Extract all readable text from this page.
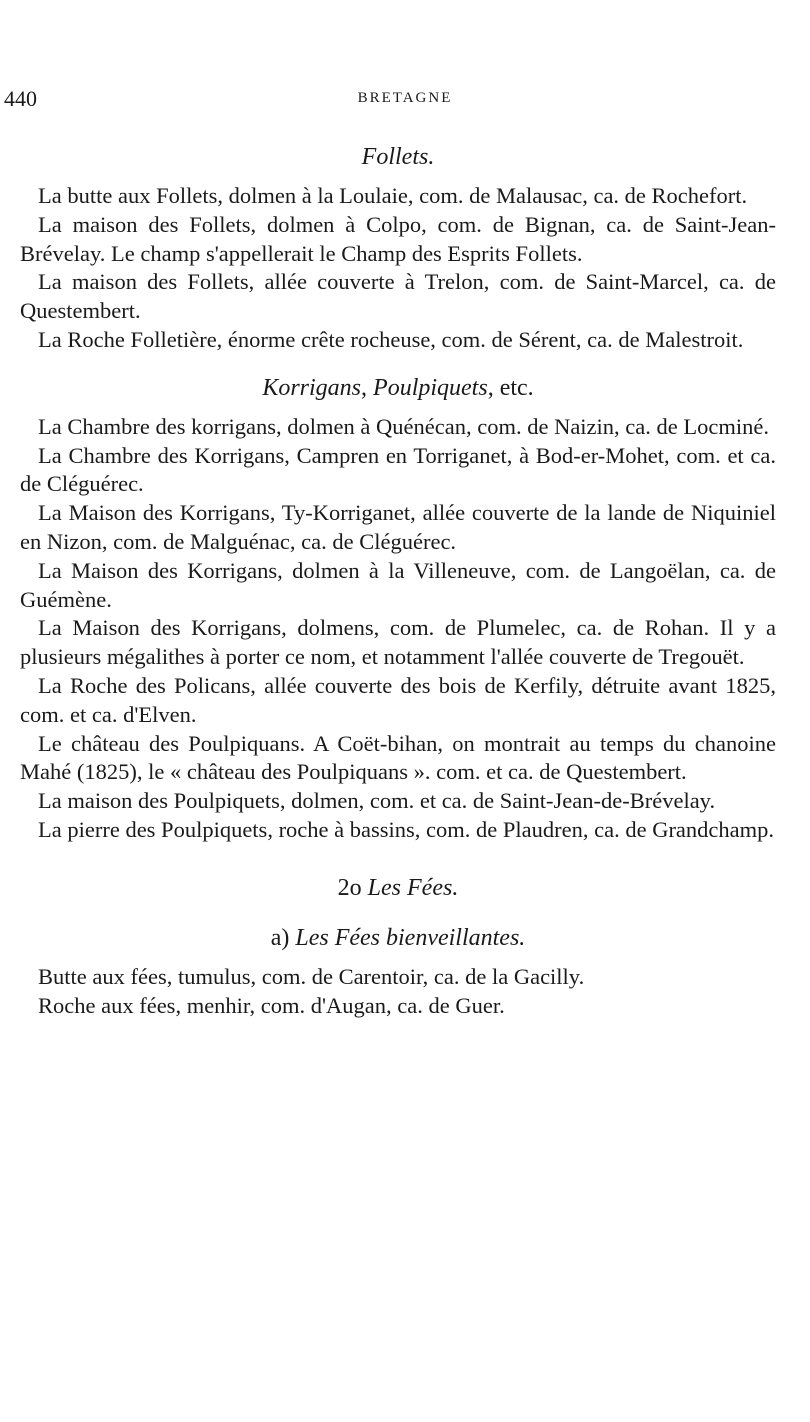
440	BRETAGNE
Follets.
La butte aux Follets, dolmen à la Loulaie, com. de Malausac, ca. de Rochefort.
La maison des Follets, dolmen à Colpo, com. de Bignan, ca. de Saint-Jean-Brévelay. Le champ s'appellerait le Champ des Esprits Follets.
La maison des Follets, allée couverte à Trelon, com. de Saint-Marcel, ca. de Questembert.
La Roche Folletière, énorme crête rocheuse, com. de Sérent, ca. de Malestroit.
Korrigans, Poulpiquets, etc.
La Chambre des korrigans, dolmen à Quénécan, com. de Naizin, ca. de Locminé.
La Chambre des Korrigans, Campren en Torriganet, à Bod-er-Mohet, com. et ca. de Cléguérec.
La Maison des Korrigans, Ty-Korriganet, allée couverte de la lande de Niquiniel en Nizon, com. de Malguénac, ca. de Cléguérec.
La Maison des Korrigans, dolmen à la Villeneuve, com. de Langoëlan, ca. de Guémène.
La Maison des Korrigans, dolmens, com. de Plumelec, ca. de Rohan. Il y a plusieurs mégalithes à porter ce nom, et notamment l'allée couverte de Tregouët.
La Roche des Policans, allée couverte des bois de Kerfily, détruite avant 1825, com. et ca. d'Elven.
Le château des Poulpiquans. A Coët-bihan, on montrait au temps du chanoine Mahé (1825), le « château des Poulpiquans ». com. et ca. de Questembert.
La maison des Poulpiquets, dolmen, com. et ca. de Saint-Jean-de-Brévelay.
La pierre des Poulpiquets, roche à bassins, com. de Plaudren, ca. de Grandchamp.
2o Les Fées.
a) Les Fées bienveillantes.
Butte aux fées, tumulus, com. de Carentoir, ca. de la Gacilly.
Roche aux fées, menhir, com. d'Augan, ca. de Guer.
